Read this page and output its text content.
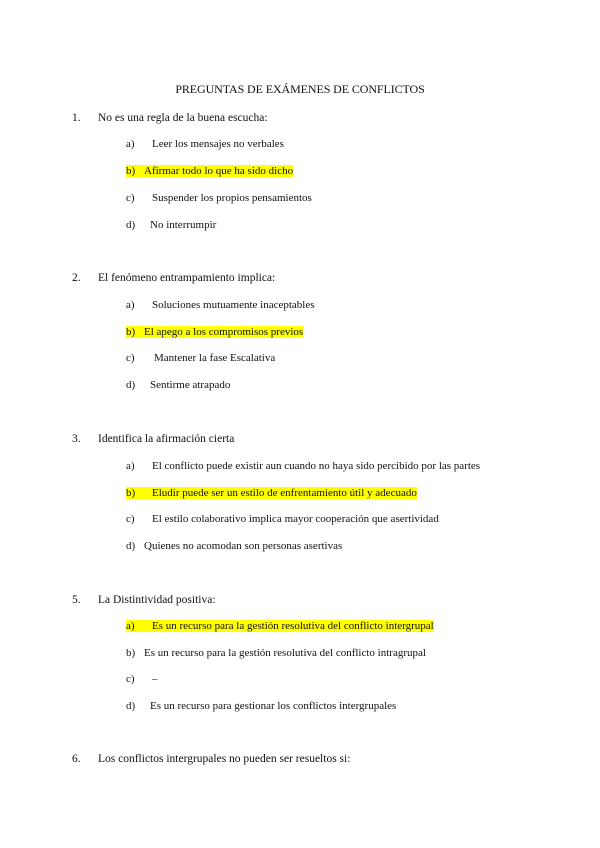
PREGUNTAS DE EXÁMENES DE CONFLICTOS
1. No es una regla de la buena escucha:
a) Leer los mensajes no verbales
b) Afirmar todo lo que ha sido dicho
c) Suspender los propios pensamientos
d) No interrumpir
2. El fenómeno entrampamiento implica:
a) Soluciones mutuamente inaceptables
b) El apego a los compromisos previos
c) Mantener la fase Escalativa
d) Sentirme atrapado
3. Identifica la afirmación cierta
a) El conflicto puede existir aun cuando no haya sido percibido por las partes
b) Eludir puede ser un estilo de enfrentamiento útil y adecuado
c) El estilo colaborativo implica mayor cooperación que asertividad
d) Quienes no acomodan son personas asertivas
5. La Distintividad positiva:
a) Es un recurso para la gestión resolutiva del conflicto intergrupal
b) Es un recurso para la gestión resolutiva del conflicto intragrupal
c) –
d) Es un recurso para gestionar los conflictos intergrupales
6. Los conflictos intergrupales no pueden ser resueltos si:
